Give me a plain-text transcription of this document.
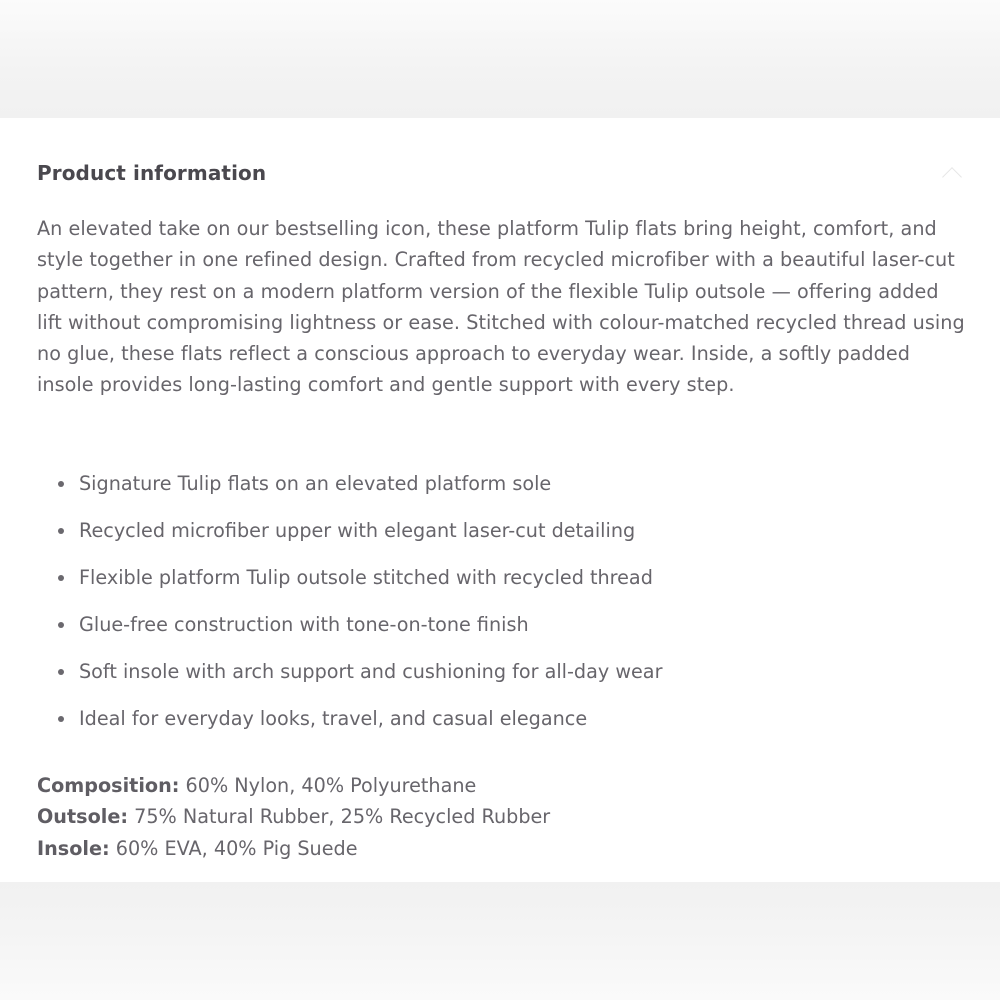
Product information

An elevated take on our bestselling icon, these platform Tulip flats bring height, comfort, and style together in one refined design. Crafted from recycled microfiber with a beautiful laser-cut pattern, they rest on a modern platform version of the flexible Tulip outsole — offering added lift without compromising lightness or ease. Stitched with colour-matched recycled thread using no glue, these flats reflect a conscious approach to everyday wear. Inside, a softly padded insole provides long-lasting comfort and gentle support with every step.

Signature Tulip flats on an elevated platform sole
Recycled microfiber upper with elegant laser-cut detailing
Flexible platform Tulip outsole stitched with recycled thread
Glue-free construction with tone-on-tone finish
Soft insole with arch support and cushioning for all-day wear
Ideal for everyday looks, travel, and casual elegance
Composition: 60% Nylon, 40% Polyurethane
Outsole: 75% Natural Rubber, 25% Recycled Rubber
Insole: 60% EVA, 40% Pig Suede
